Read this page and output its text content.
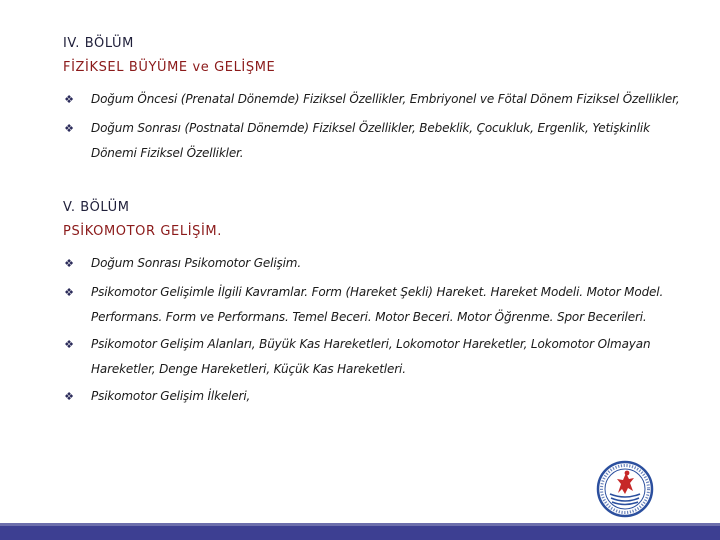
IV. BÖLÜM
FİZİKSEL BÜYÜME ve GELİŞME
❖ Doğum Öncesi (Prenatal Dönemde) Fiziksel Özellikler, Embriyonel ve Fötal Dönem Fiziksel Özellikler,
❖ Doğum Sonrası (Postnatal Dönemde) Fiziksel Özellikler, Bebeklik, Çocukluk, Ergenlik, Yetişkinlik Dönemi Fiziksel Özellikler.
V. BÖLÜM
PSİKOMOTOR GELİŞİM.
❖ Doğum Sonrası Psikomotor Gelişim.
❖ Psikomotor Gelişimle İlgili Kavramlar. Form (Hareket Şekli) Hareket. Hareket Modeli. Motor Model. Performans. Form ve Performans. Temel Beceri. Motor Beceri. Motor Öğrenme. Spor Becerileri.
❖ Psikomotor Gelişim Alanları, Büyük Kas Hareketleri, Lokomotor Hareketler, Lokomotor Olmayan Hareketler, Denge Hareketleri, Küçük Kas Hareketleri.
❖ Psikomotor Gelişim İlkeleri,
